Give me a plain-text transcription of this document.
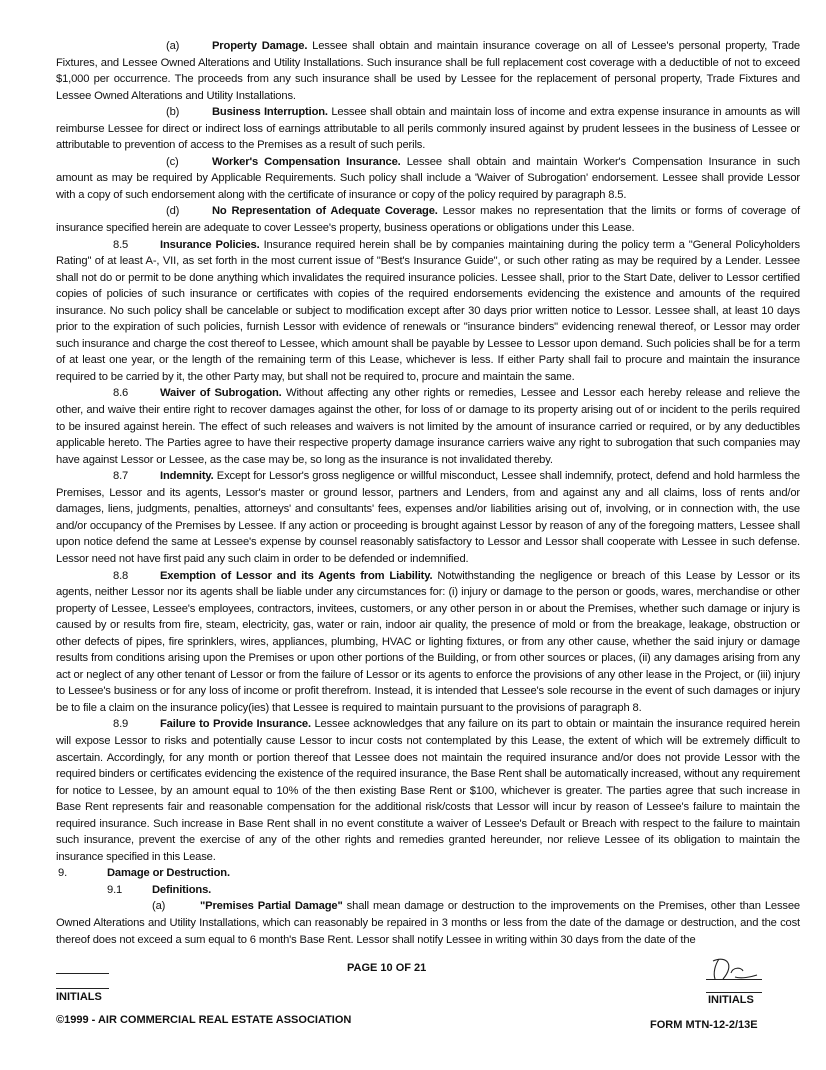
(a)	Property Damage. Lessee shall obtain and maintain insurance coverage on all of Lessee's personal property, Trade Fixtures, and Lessee Owned Alterations and Utility Installations. Such insurance shall be full replacement cost coverage with a deductible of not to exceed $1,000 per occurrence. The proceeds from any such insurance shall be used by Lessee for the replacement of personal property, Trade Fixtures and Lessee Owned Alterations and Utility Installations.

(b)	Business Interruption. Lessee shall obtain and maintain loss of income and extra expense insurance in amounts as will reimburse Lessee for direct or indirect loss of earnings attributable to all perils commonly insured against by prudent lessees in the business of Lessee or attributable to prevention of access to the Premises as a result of such perils.

(c)	Worker's Compensation Insurance. Lessee shall obtain and maintain Worker's Compensation Insurance in such amount as may be required by Applicable Requirements. Such policy shall include a 'Waiver of Subrogation' endorsement. Lessee shall provide Lessor with a copy of such endorsement along with the certificate of insurance or copy of the policy required by paragraph 8.5.

(d)	No Representation of Adequate Coverage. Lessor makes no representation that the limits or forms of coverage of insurance specified herein are adequate to cover Lessee's property, business operations or obligations under this Lease.

8.5	Insurance Policies. Insurance required herein shall be by companies maintaining during the policy term a "General Policyholders Rating" of at least A-, VII, as set forth in the most current issue of "Best's Insurance Guide", or such other rating as may be required by a Lender. Lessee shall not do or permit to be done anything which invalidates the required insurance policies. Lessee shall, prior to the Start Date, deliver to Lessor certified copies of policies of such insurance or certificates with copies of the required endorsements evidencing the existence and amounts of the required insurance. No such policy shall be cancelable or subject to modification except after 30 days prior written notice to Lessor. Lessee shall, at least 10 days prior to the expiration of such policies, furnish Lessor with evidence of renewals or "insurance binders" evidencing renewal thereof, or Lessor may order such insurance and charge the cost thereof to Lessee, which amount shall be payable by Lessee to Lessor upon demand. Such policies shall be for a term of at least one year, or the length of the remaining term of this Lease, whichever is less. If either Party shall fail to procure and maintain the insurance required to be carried by it, the other Party may, but shall not be required to, procure and maintain the same.

8.6	Waiver of Subrogation. Without affecting any other rights or remedies, Lessee and Lessor each hereby release and relieve the other, and waive their entire right to recover damages against the other, for loss of or damage to its property arising out of or incident to the perils required to be insured against herein. The effect of such releases and waivers is not limited by the amount of insurance carried or required, or by any deductibles applicable hereto. The Parties agree to have their respective property damage insurance carriers waive any right to subrogation that such companies may have against Lessor or Lessee, as the case may be, so long as the insurance is not invalidated thereby.

8.7	Indemnity. Except for Lessor's gross negligence or willful misconduct, Lessee shall indemnify, protect, defend and hold harmless the Premises, Lessor and its agents, Lessor's master or ground lessor, partners and Lenders, from and against any and all claims, loss of rents and/or damages, liens, judgments, penalties, attorneys' and consultants' fees, expenses and/or liabilities arising out of, involving, or in connection with, the use and/or occupancy of the Premises by Lessee. If any action or proceeding is brought against Lessor by reason of any of the foregoing matters, Lessee shall upon notice defend the same at Lessee's expense by counsel reasonably satisfactory to Lessor and Lessor shall cooperate with Lessee in such defense. Lessor need not have first paid any such claim in order to be defended or indemnified.

8.8	Exemption of Lessor and its Agents from Liability. Notwithstanding the negligence or breach of this Lease by Lessor or its agents, neither Lessor nor its agents shall be liable under any circumstances for: (i) injury or damage to the person or goods, wares, merchandise or other property of Lessee, Lessee's employees, contractors, invitees, customers, or any other person in or about the Premises, whether such damage or injury is caused by or results from fire, steam, electricity, gas, water or rain, indoor air quality, the presence of mold or from the breakage, leakage, obstruction or other defects of pipes, fire sprinklers, wires, appliances, plumbing, HVAC or lighting fixtures, or from any other cause, whether the said injury or damage results from conditions arising upon the Premises or upon other portions of the Building, or from other sources or places, (ii) any damages arising from any act or neglect of any other tenant of Lessor or from the failure of Lessor or its agents to enforce the provisions of any other lease in the Project, or (iii) injury to Lessee's business or for any loss of income or profit therefrom. Instead, it is intended that Lessee's sole recourse in the event of such damages or injury be to file a claim on the insurance policy(ies) that Lessee is required to maintain pursuant to the provisions of paragraph 8.

8.9	Failure to Provide Insurance. Lessee acknowledges that any failure on its part to obtain or maintain the insurance required herein will expose Lessor to risks and potentially cause Lessor to incur costs not contemplated by this Lease, the extent of which will be extremely difficult to ascertain. Accordingly, for any month or portion thereof that Lessee does not maintain the required insurance and/or does not provide Lessor with the required binders or certificates evidencing the existence of the required insurance, the Base Rent shall be automatically increased, without any requirement for notice to Lessee, by an amount equal to 10% of the then existing Base Rent or $100, whichever is greater. The parties agree that such increase in Base Rent represents fair and reasonable compensation for the additional risk/costs that Lessor will incur by reason of Lessee's failure to maintain the required insurance. Such increase in Base Rent shall in no event constitute a waiver of Lessee's Default or Breach with respect to the failure to maintain such insurance, prevent the exercise of any of the other rights and remedies granted hereunder, nor relieve Lessee of its obligation to maintain the insurance specified in this Lease.

9.	Damage or Destruction.

9.1	Definitions.

(a)	"Premises Partial Damage" shall mean damage or destruction to the improvements on the Premises, other than Lessee Owned Alterations and Utility Installations, which can reasonably be repaired in 3 months or less from the date of the damage or destruction, and the cost thereof does not exceed a sum equal to 6 month's Base Rent. Lessor shall notify Lessee in writing within 30 days from the date of the

INITIALS
PAGE 10 OF 21
INITIALS
©1999 - AIR COMMERCIAL REAL ESTATE ASSOCIATION	FORM MTN-12-2/13E
